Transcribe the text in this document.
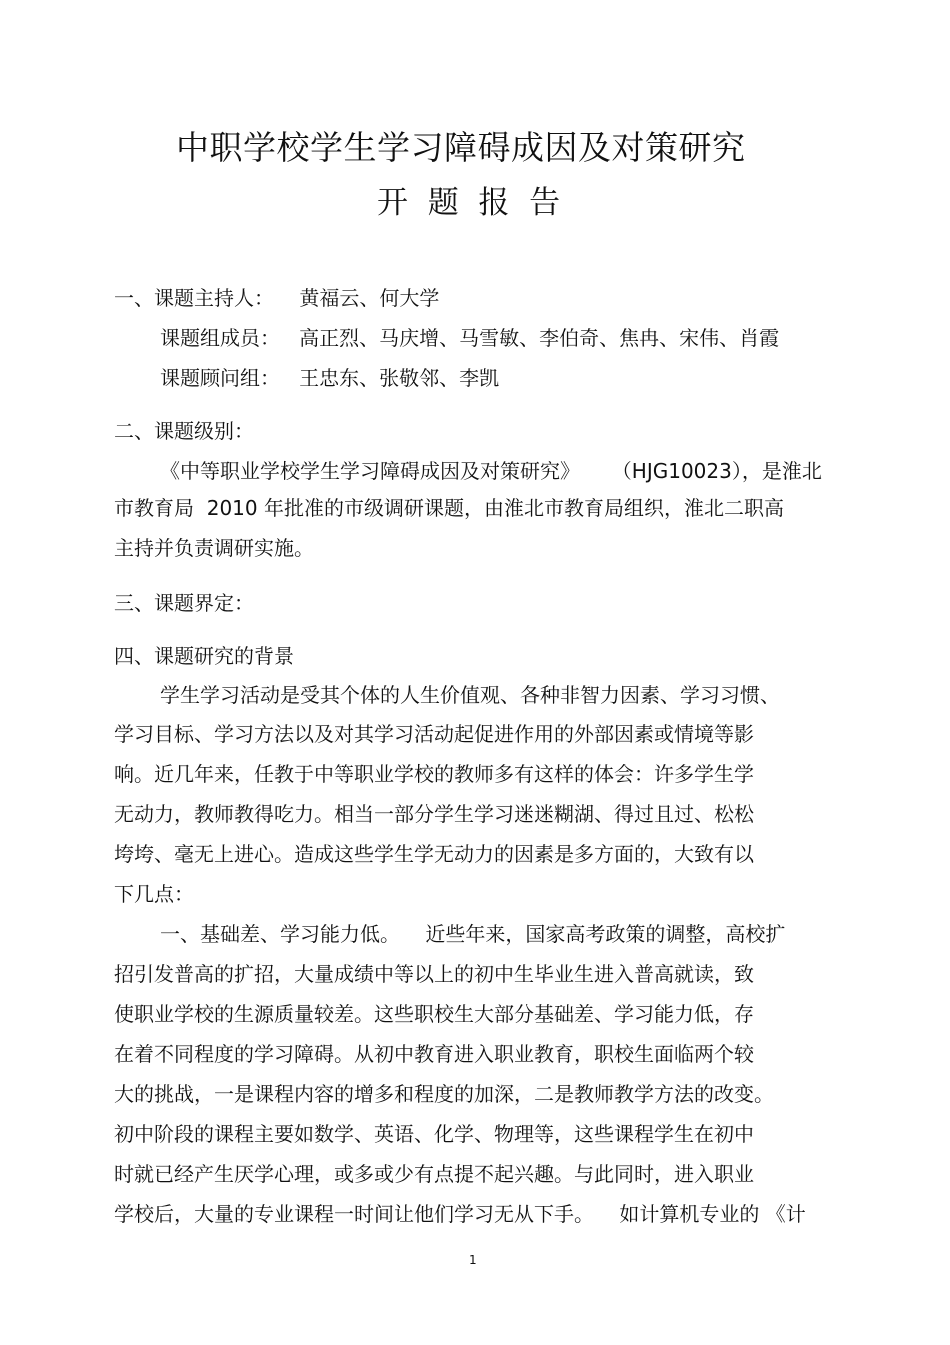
中职学校学生学习障碍成因及对策研究
开  题  报  告
一、课题主持人：    黄福云、何大学
课题组成员：   高正烈、马庆增、马雪敏、李伯奇、焦冉、宋伟、肖霞
课题顾问组：   王忠东、张敬邻、李凯
二、课题级别：
《中等职业学校学生学习障碍成因及对策研究》     （HJG10023），是淮北
市教育局  2010 年批准的市级调研课题，由淮北市教育局组织，淮北二职高
主持并负责调研实施。
三、课题界定：
四、课题研究的背景
学生学习活动是受其个体的人生价值观、各种非智力因素、学习习惯、
学习目标、学习方法以及对其学习活动起促进作用的外部因素或情境等影
响。近几年来，任教于中等职业学校的教师多有这样的体会：许多学生学
无动力，教师教得吃力。相当一部分学生学习迷迷糊湖、得过且过、松松
垮垮、毫无上进心。造成这些学生学无动力的因素是多方面的，大致有以
下几点：
一、基础差、学习能力低。    近些年来，国家高考政策的调整，高校扩
招引发普高的扩招，大量成绩中等以上的初中生毕业生进入普高就读，致
使职业学校的生源质量较差。这些职校生大部分基础差、学习能力低，存
在着不同程度的学习障碍。从初中教育进入职业教育，职校生面临两个较
大的挑战，一是课程内容的增多和程度的加深，二是教师教学方法的改变。
初中阶段的课程主要如数学、英语、化学、物理等，这些课程学生在初中
时就已经产生厌学心理，或多或少有点提不起兴趣。与此同时，进入职业
学校后，大量的专业课程一时间让他们学习无从下手。    如计算机专业的 《计
1
